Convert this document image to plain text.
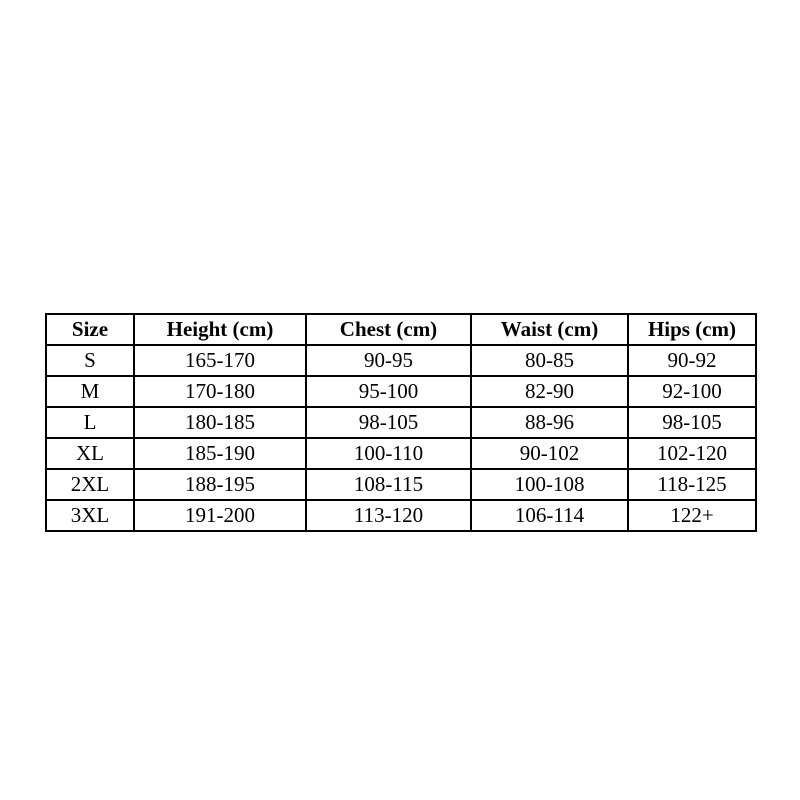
Size	Height (cm)	Chest (cm)	Waist (cm)	Hips (cm)
S	165-170	90-95	80-85	90-92
M	170-180	95-100	82-90	92-100
L	180-185	98-105	88-96	98-105
XL	185-190	100-110	90-102	102-120
2XL	188-195	108-115	100-108	118-125
3XL	191-200	113-120	106-114	122+
